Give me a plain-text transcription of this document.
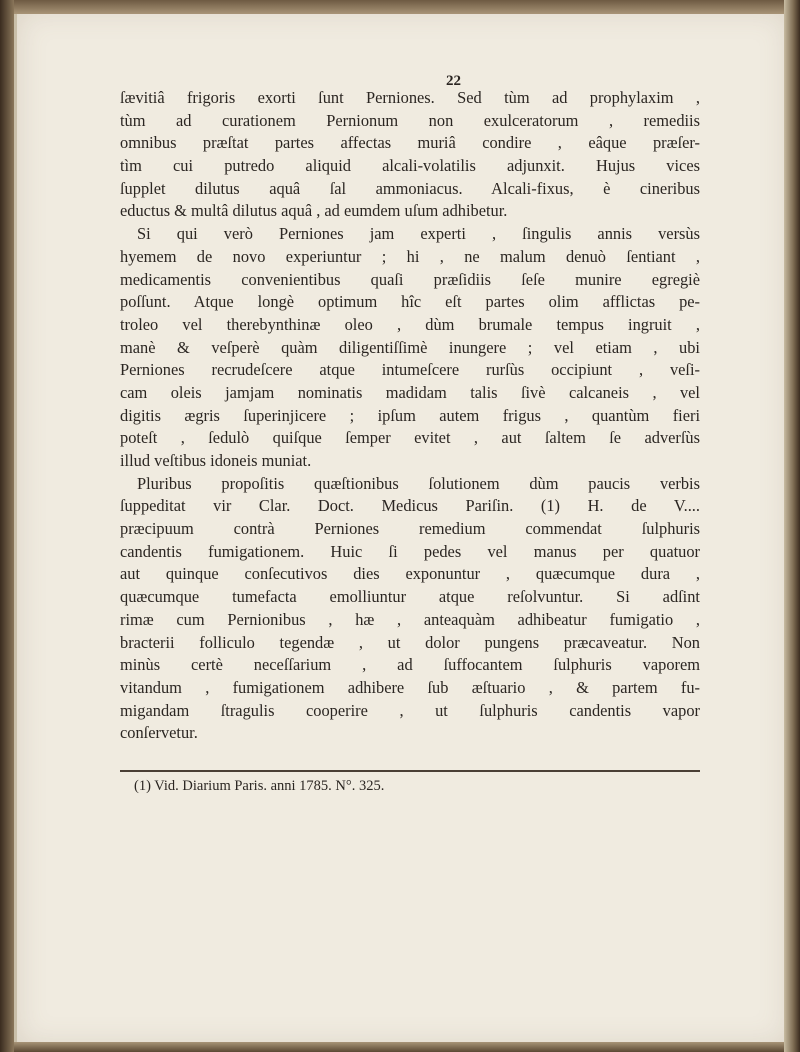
22
ſævitiâ frigoris exorti ſunt Perniones. Sed tùm ad prophylaxim ,
tùm ad curationem Pernionum non exulceratorum , remediis
omnibus præſtat partes affectas muriâ condire , eâque præſer-
tìm cui putredo aliquid alcali-volatilis adjunxit. Hujus vices
ſupplet dilutus aquâ ſal ammoniacus. Alcali-fixus, è cineribus
eductus & multâ dilutus aquâ , ad eumdem uſum adhibetur.
Si qui verò Perniones jam experti , ſingulis annis versùs
hyemem de novo experiuntur ; hi , ne malum denuò ſentiant ,
medicamentis convenientibus quaſi præſidiis ſeſe munire egregiè
poſſunt. Atque longè optimum hîc eſt partes olim afflictas pe-
troleo vel therebynthinæ oleo , dùm brumale tempus ingruit ,
manè & veſperè quàm diligentiſſimè inungere ; vel etiam , ubi
Perniones recrudeſcere atque intumeſcere rurſùs occipiunt , veſi-
cam oleis jamjam nominatis madidam talis ſivè calcaneis , vel
digitis ægris ſuperinjicere ; ipſum autem frigus , quantùm fieri
poteſt , ſedulò quiſque ſemper evitet , aut ſaltem ſe adverſùs
illud veſtibus idoneis muniat.
Pluribus propoſitis quæſtionibus ſolutionem dùm paucis verbis
ſuppeditat vir Clar. Doct. Medicus Pariſin. (1) H. de V....
præcipuum contrà Perniones remedium commendat ſulphuris
candentis fumigationem. Huic ſi pedes vel manus per quatuor
aut quinque conſecutivos dies exponuntur , quæcumque dura ,
quæcumque tumefacta emolliuntur atque reſolvuntur. Si adſint
rimæ cum Pernionibus , hæ , anteaquàm adhibeatur fumigatio ,
bracterii folliculo tegendæ , ut dolor pungens præcaveatur. Non
minùs certè neceſſarium , ad ſuffocantem ſulphuris vaporem
vitandum , fumigationem adhibere ſub æſtuario , & partem fu-
migandam ſtragulis cooperire , ut ſulphuris candentis vapor
conſervetur.
(1) Vid. Diarium Paris. anni 1785. N°. 325.
